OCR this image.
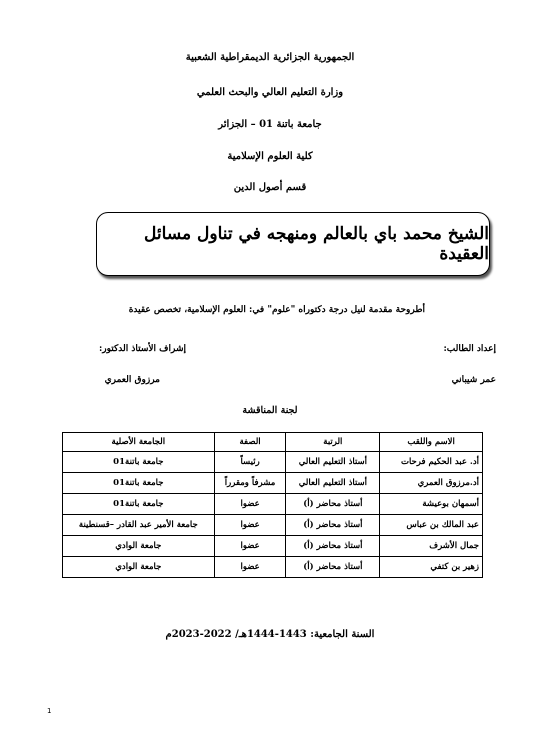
الجمهورية الجزائرية الديمقراطية الشعبية
وزارة التعليم العالي والبحث العلمي
جامعة باتنة 01 – الجزائر
كلية العلوم الإسلامية
قسم أصول الدين
الشيخ محمد باي بالعالم ومنهجه في تناول مسائل العقيدة
أطروحة مقدمة لنيل درجة دكتوراه "علوم" في: العلوم الإسلامية، تخصص عقيدة
إعداد الطالب:
إشراف الأستاذ الدكتور:
عمر شيباني
مرزوق العمري
لجنة المناقشة
الاسم واللقب	الرتبة	الصفة	الجامعة الأصلية
أد. عبد الحكيم فرحات	أستاذ التعليم العالي	رئيساً	جامعة باتنة01
أد.مرزوق العمري	أستاذ التعليم العالي	مشرفاً ومقرراً	جامعة باتنة01
أسمهان بوعيشة	أستاذ محاضر (أ)	عضوا	جامعة باتنة01
عبد المالك بن عباس	أستاذ محاضر (أ)	عضوا	جامعة الأمير عبد القادر –قسنطينة
جمال الأشرف	أستاذ محاضر (أ)	عضوا	جامعة الوادي
زهير بن كتفي	أستاذ محاضر (أ)	عضوا	جامعة الوادي
السنة الجامعية: 1443-1444هـ/ 2022-2023م
1
